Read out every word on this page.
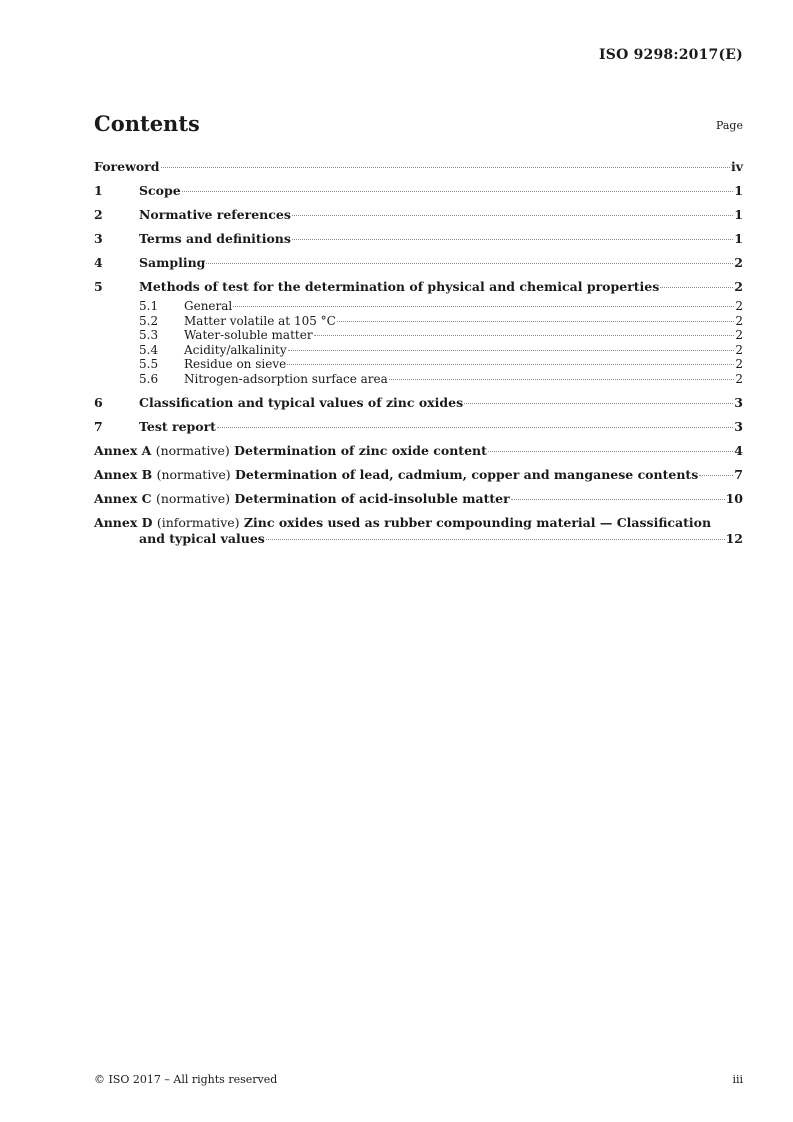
ISO 9298:2017(E)
Contents	Page
Foreword	iv
1	Scope	1
2	Normative references	1
3	Terms and definitions	1
4	Sampling	2
5	Methods of test for the determination of physical and chemical properties	2
5.1	General	2
5.2	Matter volatile at 105 °C	2
5.3	Water-soluble matter	2
5.4	Acidity/alkalinity	2
5.5	Residue on sieve	2
5.6	Nitrogen-adsorption surface area	2
6	Classification and typical values of zinc oxides	3
7	Test report	3
Annex A (normative) Determination of zinc oxide content	4
Annex B (normative) Determination of lead, cadmium, copper and manganese contents	7
Annex C (normative) Determination of acid-insoluble matter	10
Annex D (informative) Zinc oxides used as rubber compounding material — Classification
and typical values	12
© ISO 2017 – All rights reserved	iii
